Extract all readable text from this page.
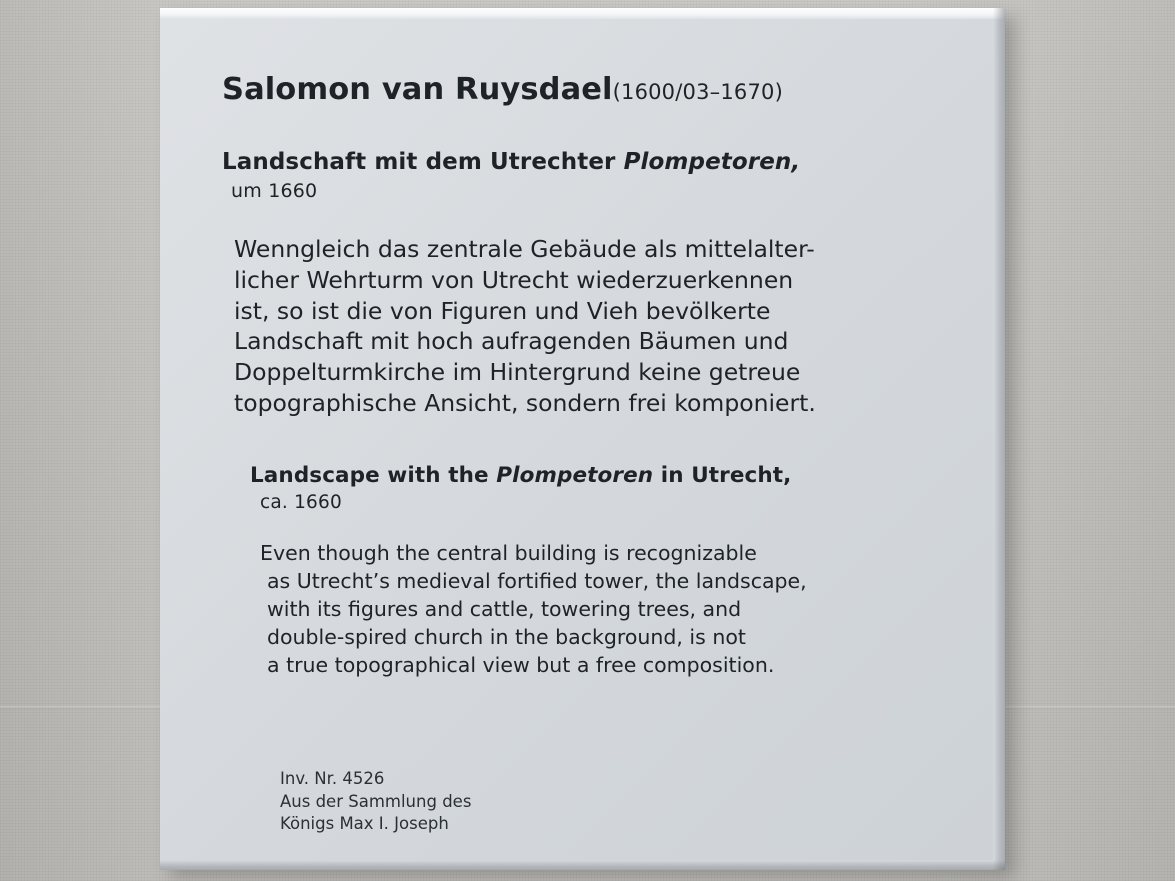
Salomon van Ruysdael(1600/03–1670)
Landschaft mit dem Utrechter Plompetoren,
um 1660
Wenngleich das zentrale Gebäude als mittelalter-
licher Wehrturm von Utrecht wiederzuerkennen
ist, so ist die von Figuren und Vieh bevölkerte
Landschaft mit hoch aufragenden Bäumen und
Doppelturmkirche im Hintergrund keine getreue
topographische Ansicht, sondern frei komponiert.
Landscape with the Plompetoren in Utrecht,
ca. 1660
Even though the central building is recognizable
as Utrecht’s medieval fortified tower, the landscape,
with its figures and cattle, towering trees, and
double-spired church in the background, is not
a true topographical view but a free composition.
Inv. Nr. 4526
Aus der Sammlung des
Königs Max I. Joseph
